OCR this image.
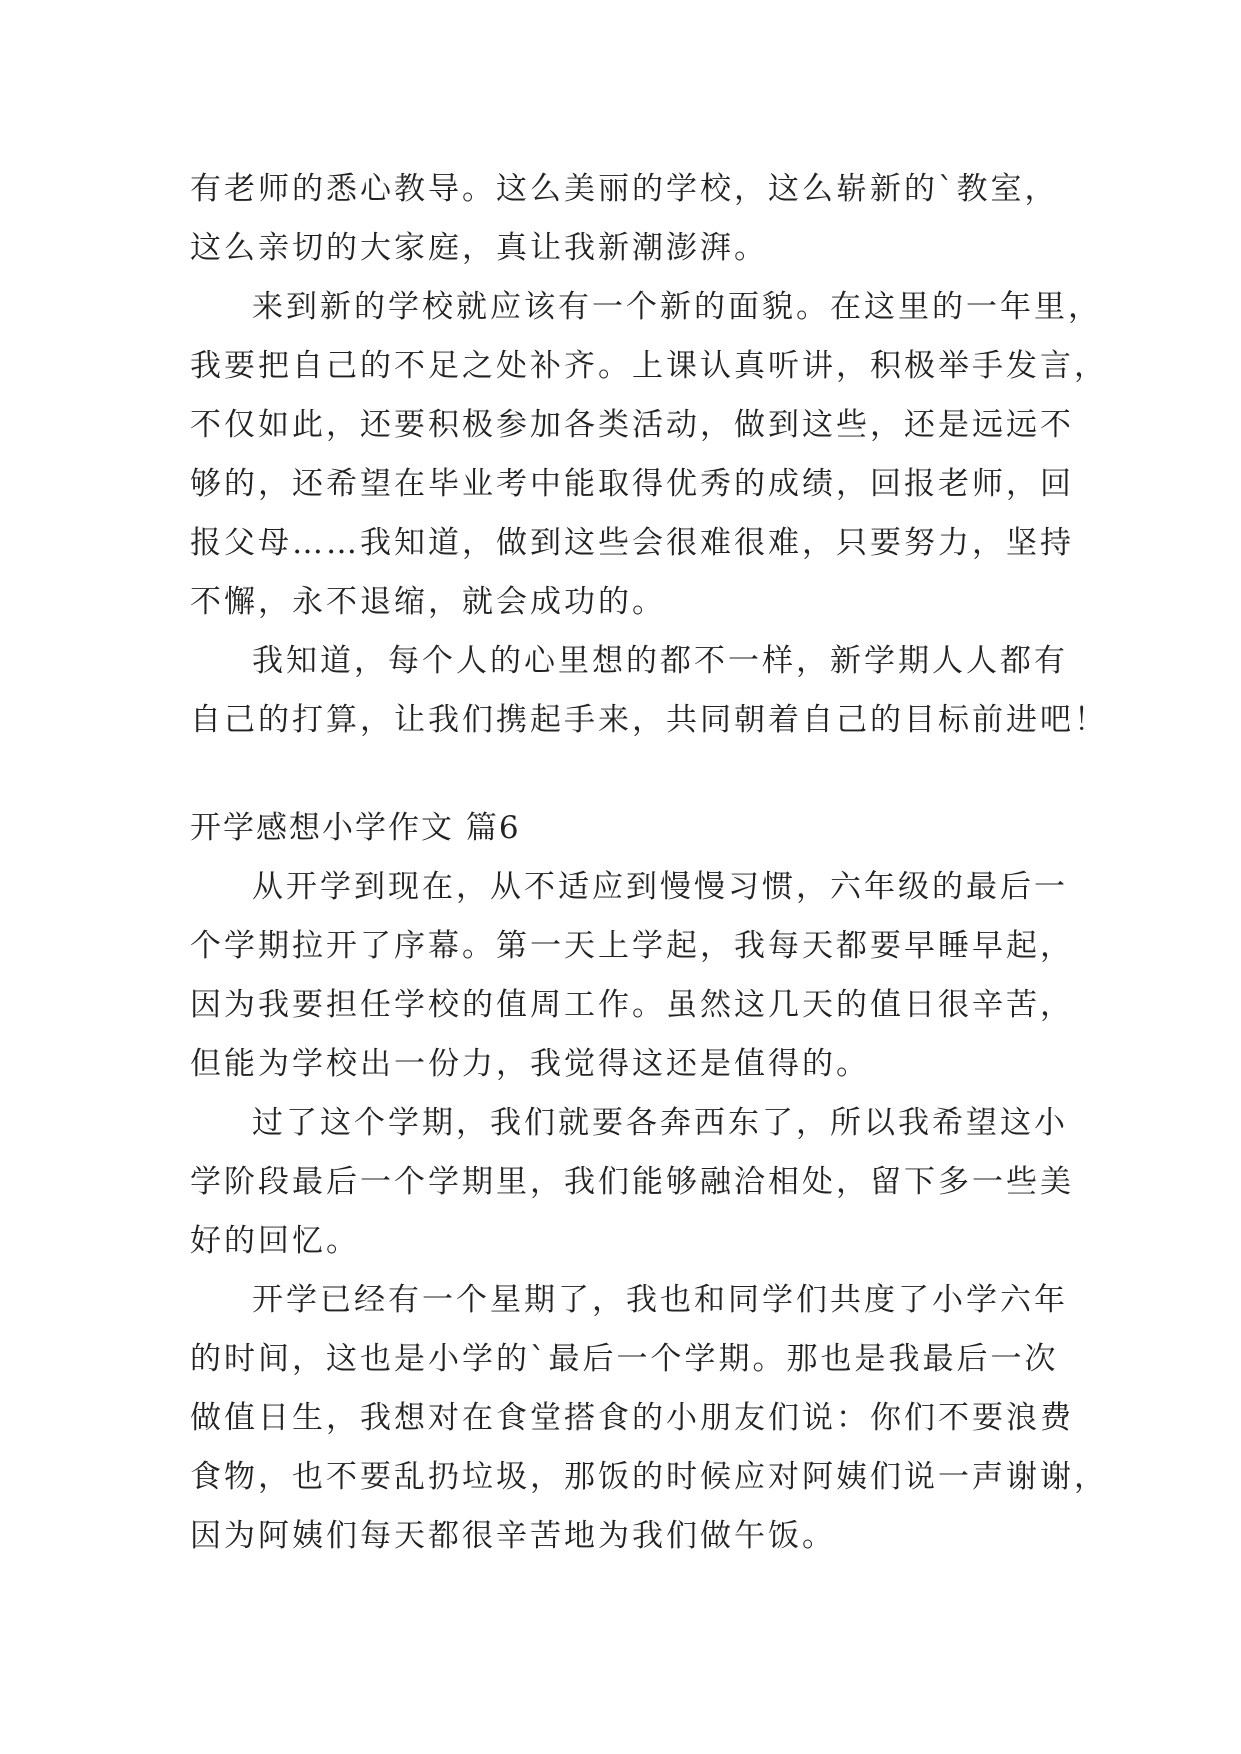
有老师的悉心教导。这么美丽的学校，这么崭新的`教室，
这么亲切的大家庭，真让我新潮澎湃。
来到新的学校就应该有一个新的面貌。在这里的一年里，
我要把自己的不足之处补齐。上课认真听讲，积极举手发言，
不仅如此，还要积极参加各类活动，做到这些，还是远远不
够的，还希望在毕业考中能取得优秀的成绩，回报老师，回
报父母……我知道，做到这些会很难很难，只要努力，坚持
不懈，永不退缩，就会成功的。
我知道，每个人的心里想的都不一样，新学期人人都有
自己的打算，让我们携起手来，共同朝着自己的目标前进吧！
开学感想小学作文 篇6
从开学到现在，从不适应到慢慢习惯，六年级的最后一
个学期拉开了序幕。第一天上学起，我每天都要早睡早起，
因为我要担任学校的值周工作。虽然这几天的值日很辛苦，
但能为学校出一份力，我觉得这还是值得的。
过了这个学期，我们就要各奔西东了，所以我希望这小
学阶段最后一个学期里，我们能够融洽相处，留下多一些美
好的回忆。
开学已经有一个星期了，我也和同学们共度了小学六年
的时间，这也是小学的`最后一个学期。那也是我最后一次
做值日生，我想对在食堂搭食的小朋友们说：你们不要浪费
食物，也不要乱扔垃圾，那饭的时候应对阿姨们说一声谢谢，
因为阿姨们每天都很辛苦地为我们做午饭。
